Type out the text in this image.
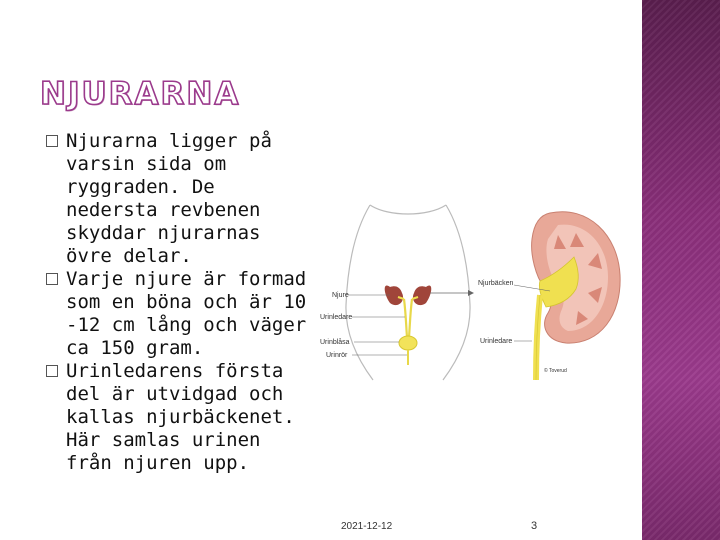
NJURARNA
Njurarna ligger på varsin sida om ryggraden. De nedersta revbenen skyddar njurarnas övre delar.
Varje njure är formad som en böna och är 10 -12 cm lång och väger ca 150 gram.
Urinledarens första del är utvidgad och kallas njurbäckenet. Här samlas urinen från njuren upp.
Njure
Urinledare
Urinblåsa
Urinrör
Njurbäcken
Urinledare
© Toverud
2021-12-12	3
